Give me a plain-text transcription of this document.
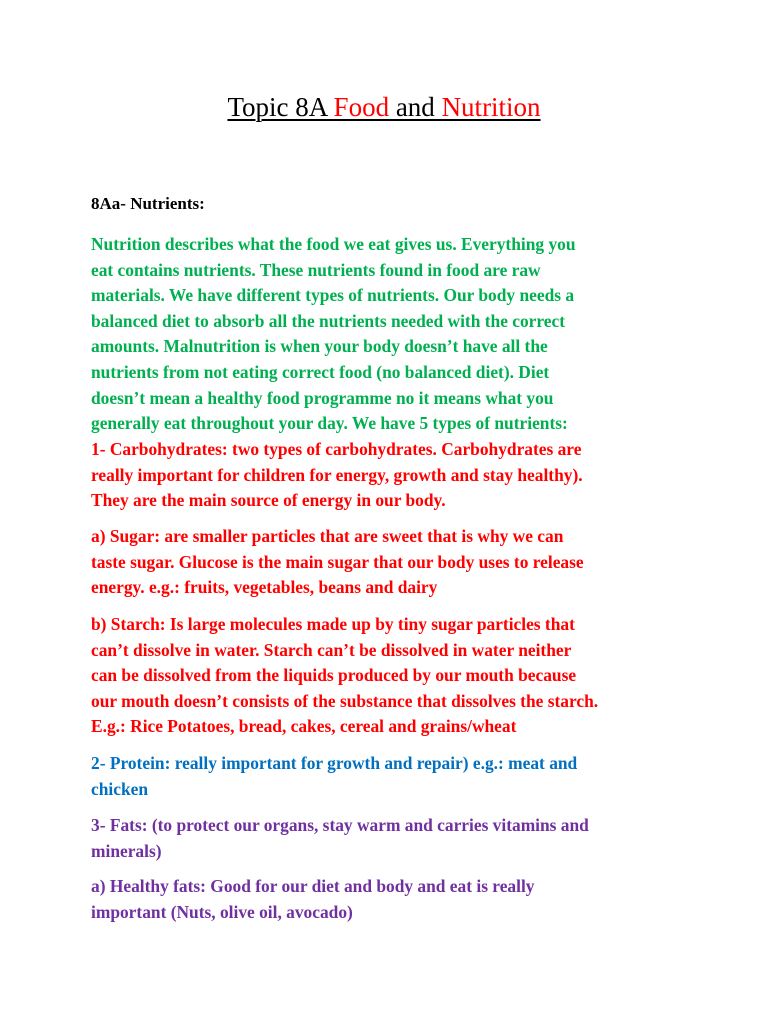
Topic 8A Food and Nutrition

8Aa- Nutrients:

Nutrition describes what the food we eat gives us. Everything you
eat contains nutrients. These nutrients found in food are raw
materials. We have different types of nutrients. Our body needs a
balanced diet to absorb all the nutrients needed with the correct
amounts. Malnutrition is when your body doesn’t have all the
nutrients from not eating correct food (no balanced diet). Diet
doesn’t mean a healthy food programme no it means what you
generally eat throughout your day. We have 5 types of nutrients:

1- Carbohydrates: two types of carbohydrates. Carbohydrates are
really important for children for energy, growth and stay healthy).
They are the main source of energy in our body.

a) Sugar: are smaller particles that are sweet that is why we can
taste sugar. Glucose is the main sugar that our body uses to release
energy. e.g.: fruits, vegetables, beans and dairy

b) Starch: Is large molecules made up by tiny sugar particles that
can’t dissolve in water. Starch can’t be dissolved in water neither
can be dissolved from the liquids produced by our mouth because
our mouth doesn’t consists of the substance that dissolves the starch.
E.g.: Rice Potatoes, bread, cakes, cereal and grains/wheat

2- Protein: really important for growth and repair) e.g.: meat and
chicken

3- Fats: (to protect our organs, stay warm and carries vitamins and
minerals)

a) Healthy fats: Good for our diet and body and eat is really
important (Nuts, olive oil, avocado)
